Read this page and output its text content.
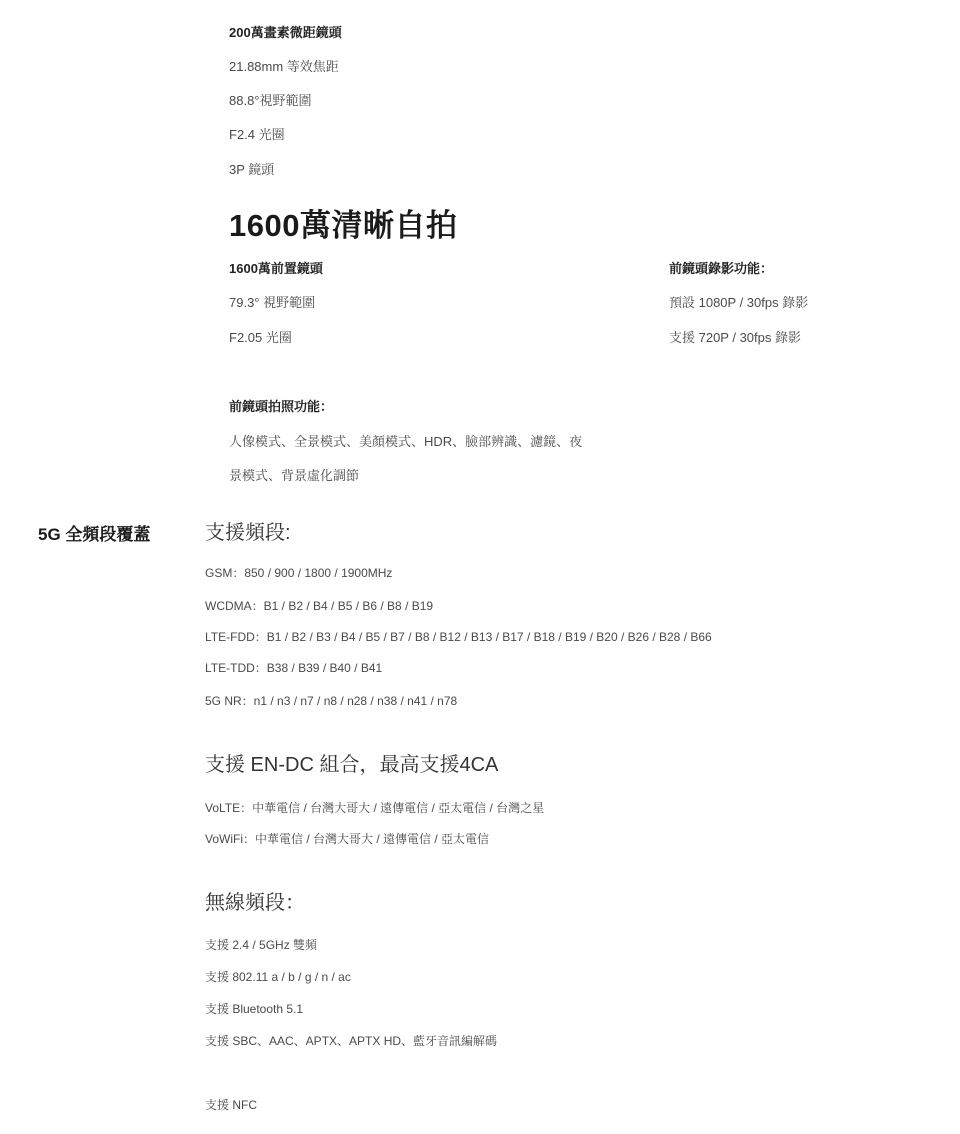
200萬畫素微距鏡頭
21.88mm 等效焦距
88.8°視野範圍
F2.4 光圈
3P 鏡頭
1600萬清晰自拍
1600萬前置鏡頭
79.3° 視野範圍
F2.05 光圈
前鏡頭錄影功能：
預設 1080P / 30fps 錄影
支援 720P / 30fps 錄影
前鏡頭拍照功能：
人像模式、全景模式、美顏模式、HDR、臉部辨識、濾鏡、夜
景模式、背景虛化調節
5G 全頻段覆蓋	支援頻段:
GSM：850 / 900 / 1800 / 1900MHz
WCDMA：B1 / B2 / B4 / B5 / B6 / B8 / B19
LTE-FDD：B1 / B2 / B3 / B4 / B5 / B7 / B8 / B12 / B13 / B17 / B18 / B19 / B20 / B26 / B28 / B66
LTE-TDD：B38 / B39 / B40 / B41
5G NR：n1 / n3 / n7 / n8 / n28 / n38 / n41 / n78
支援 EN-DC 組合，最高支援4CA
VoLTE：中華電信 / 台灣大哥大 / 遠傳電信 / 亞太電信 / 台灣之星
VoWiFi：中華電信 / 台灣大哥大 / 遠傳電信 / 亞太電信
無線頻段：
支援 2.4 / 5GHz 雙頻
支援 802.11 a / b / g / n / ac
支援 Bluetooth 5.1
支援 SBC、AAC、APTX、APTX HD、藍牙音訊編解碼
支援 NFC
